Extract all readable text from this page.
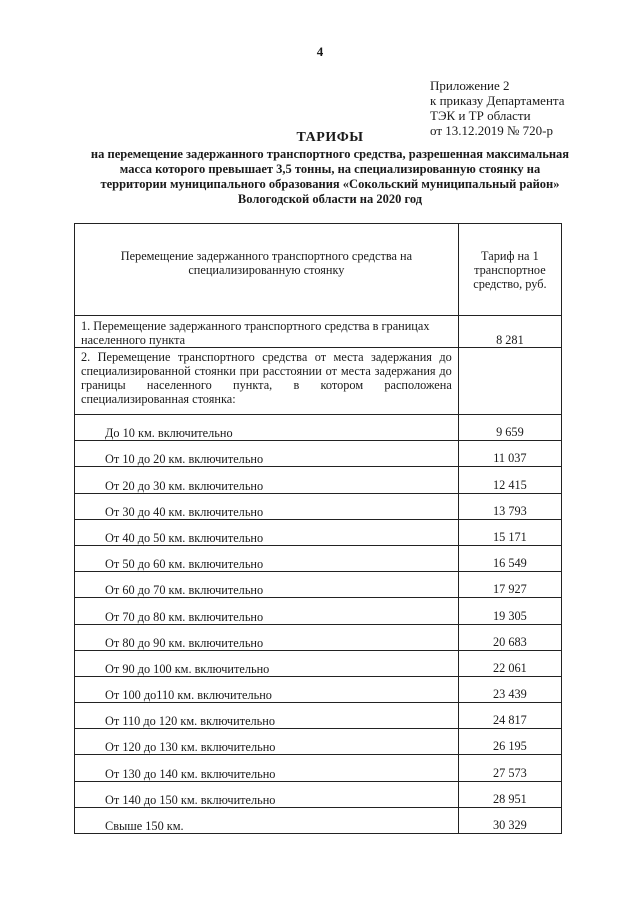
4
Приложение 2
к приказу Департамента
ТЭК и ТР области
от 13.12.2019 № 720-р
ТАРИФЫ
на перемещение задержанного транспортного средства, разрешенная максимальная
масса которого превышает 3,5 тонны, на специализированную стоянку на
территории муниципального образования «Сокольский муниципальный район»
Вологодской области на 2020 год
Перемещение задержанного транспортного средства на специализированную стоянку	Тариф на 1 транспортное средство, руб.
1. Перемещение задержанного транспортного средства в границах населенного пункта	8 281
2. Перемещение транспортного средства от места задержания до специализированной стоянки при расстоянии от места задержания до границы населенного пункта, в котором расположена специализированная стоянка:	
До 10 км. включительно	9 659
От 10 до 20 км. включительно	11 037
От 20 до 30 км. включительно	12 415
От 30 до 40 км. включительно	13 793
От 40 до 50 км. включительно	15 171
От 50 до 60 км. включительно	16 549
От 60 до 70 км. включительно	17 927
От 70 до 80 км. включительно	19 305
От 80 до 90 км. включительно	20 683
От 90 до 100 км. включительно	22 061
От 100 до110 км. включительно	23 439
От 110 до 120 км. включительно	24 817
От 120 до 130 км. включительно	26 195
От 130 до 140 км. включительно	27 573
От 140 до 150 км. включительно	28 951
Свыше 150 км.	30 329
